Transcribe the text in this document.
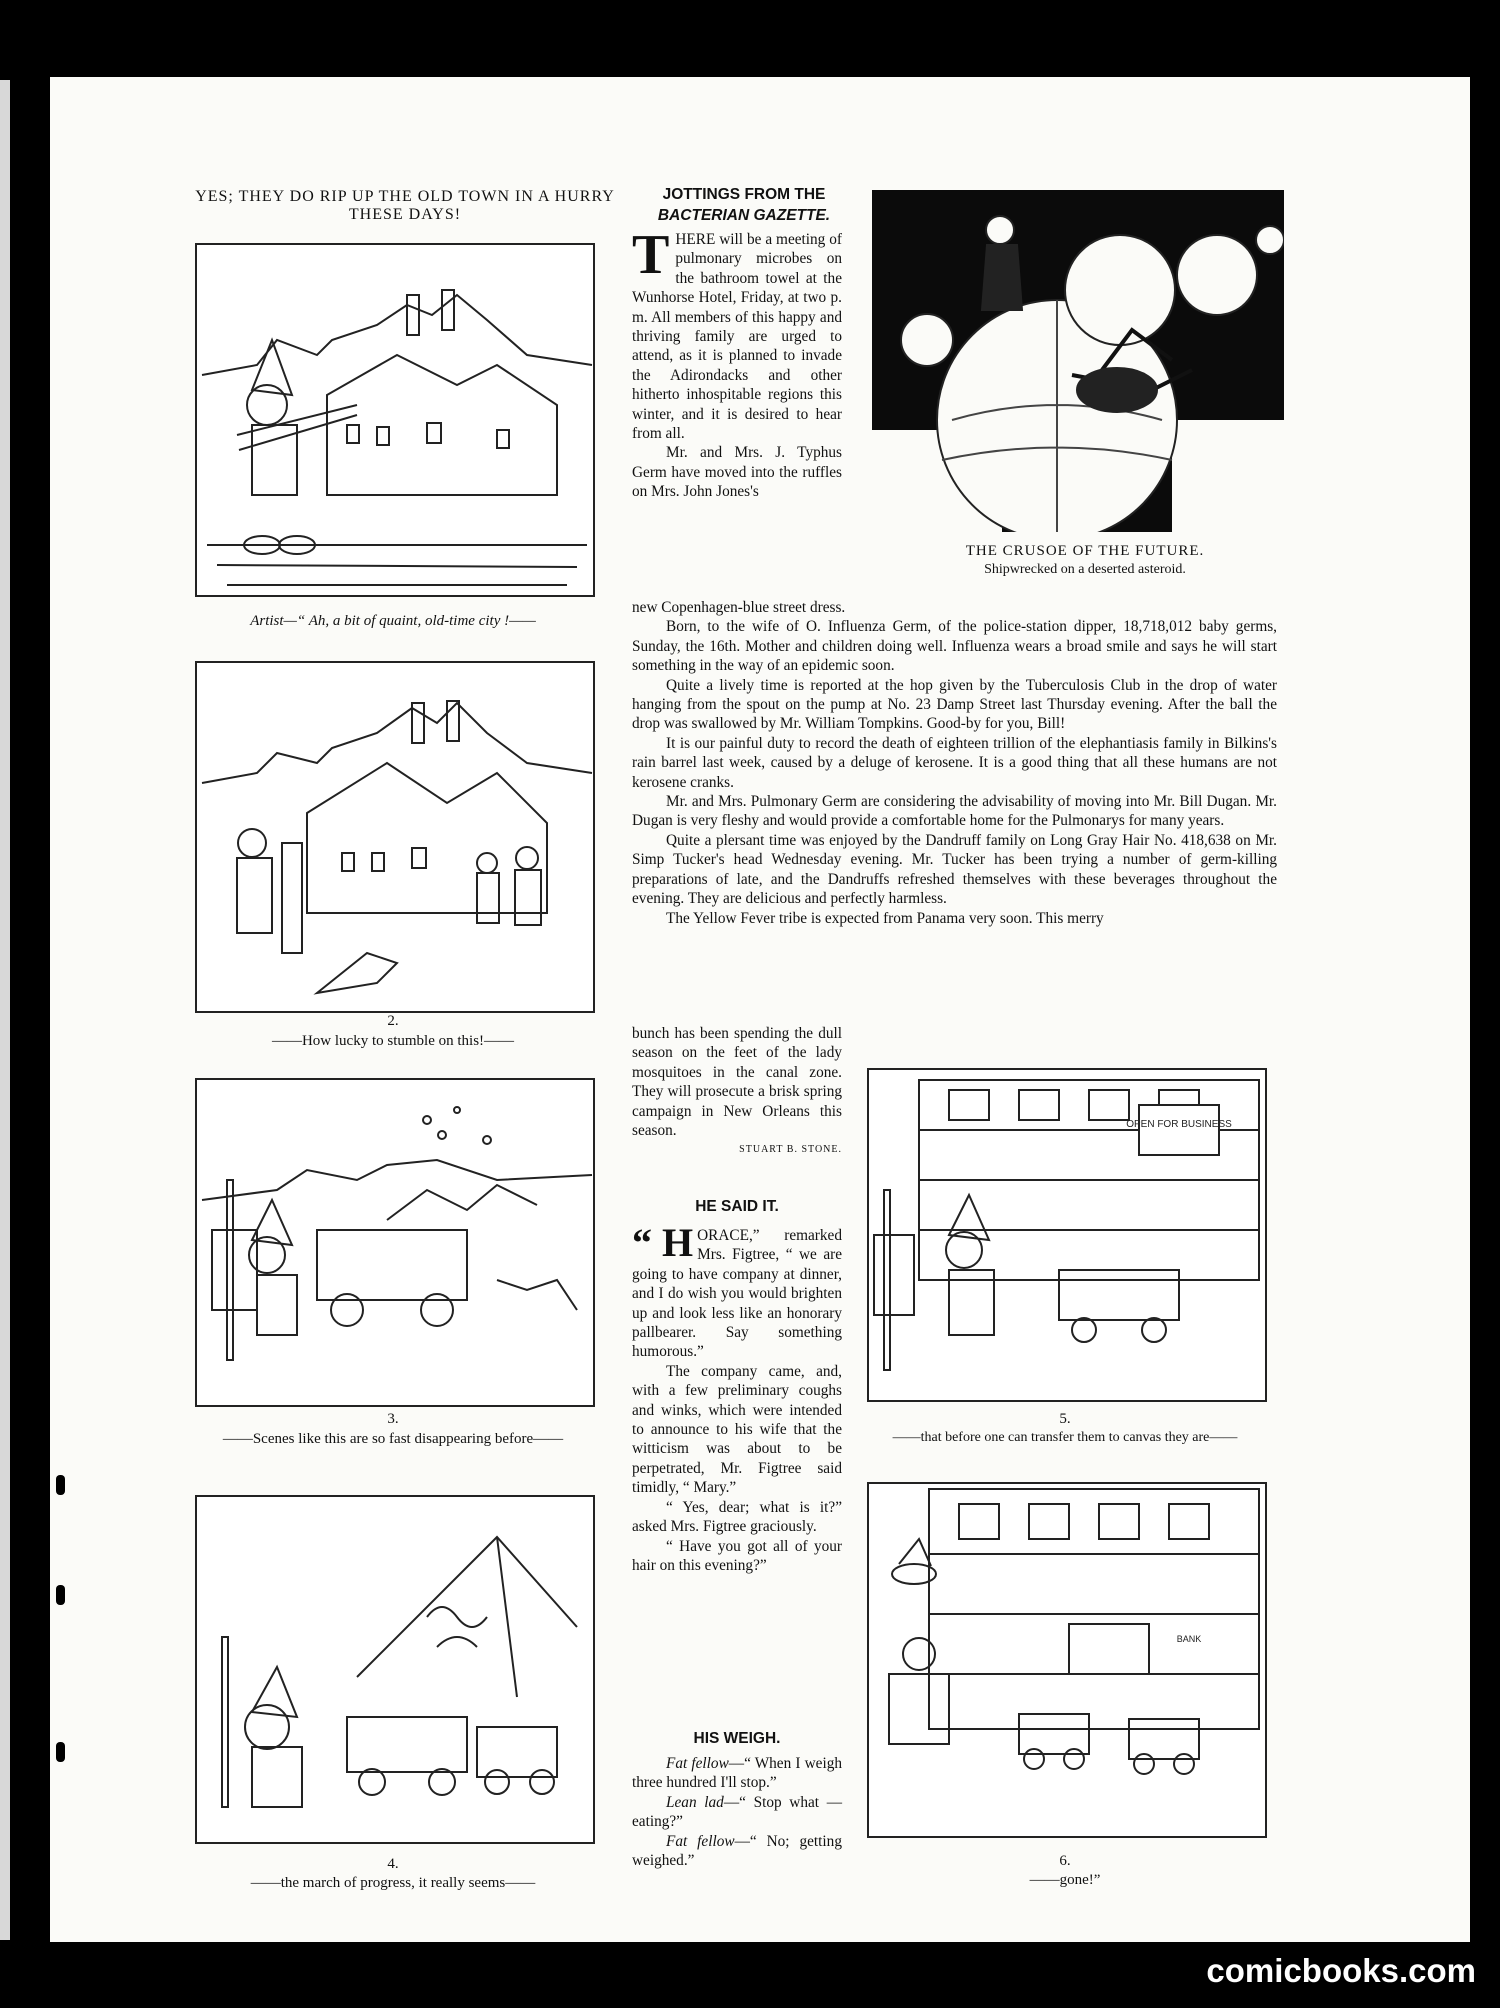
YES; THEY DO RIP UP THE OLD TOWN IN A HURRY THESE DAYS!
Artist—“ Ah, a bit of quaint, old-time city !——
2.
——How lucky to stumble on this!——
3.
——Scenes like this are so fast disappearing before——
4.
——the march of progress, it really seems——
THE CRUSOE OF THE FUTURE.
Shipwrecked on a deserted asteroid.
JOTTINGS FROM THE
BACTERIAN GAZETTE.

THERE will be a meeting of pulmonary microbes on the bathroom towel at the Wunhorse Hotel, Friday, at two p. m. All members of this happy and thriving family are urged to attend, as it is planned to invade the Adirondacks and other hitherto inhospitable regions this winter, and it is desired to hear from all.

Mr. and Mrs. J. Typhus Germ have moved into the ruffles on Mrs. John Jones's

new Copenhagen-blue street dress.

Born, to the wife of O. Influenza Germ, of the police-station dipper, 18,718,012 baby germs, Sunday, the 16th. Mother and children doing well. Influenza wears a broad smile and says he will start something in the way of an epidemic soon.

Quite a lively time is reported at the hop given by the Tuberculosis Club in the drop of water hanging from the spout on the pump at No. 23 Damp Street last Thursday evening. After the ball the drop was swallowed by Mr. William Tompkins. Good-by for you, Bill!

It is our painful duty to record the death of eighteen trillion of the elephantiasis family in Bilkins's rain barrel last week, caused by a deluge of kerosene. It is a good thing that all these humans are not kerosene cranks.

Mr. and Mrs. Pulmonary Germ are considering the advisability of moving into Mr. Bill Dugan. Mr. Dugan is very fleshy and would provide a comfortable home for the Pulmonarys for many years.

Quite a plersant time was enjoyed by the Dandruff family on Long Gray Hair No. 418,638 on Mr. Simp Tucker's head Wednesday evening. Mr. Tucker has been trying a number of germ-killing preparations of late, and the Dandruffs refreshed themselves with these beverages throughout the evening. They are delicious and perfectly harmless.

The Yellow Fever tribe is expected from Panama very soon. This merry

bunch has been spending the dull season on the feet of the lady mosquitoes in the canal zone. They will prosecute a brisk spring campaign in New Orleans this season.

STUART B. STONE.
HE SAID IT.

“ H ORACE,” remarked Mrs. Figtree, “ we are going to have company at dinner, and I do wish you would brighten up and look less like an honorary pallbearer. Say something humorous.”

The company came, and, with a few preliminary coughs and winks, which were intended to announce to his wife that the witticism was about to be perpetrated, Mr. Figtree said timidly, “ Mary.”

“ Yes, dear; what is it?” asked Mrs. Figtree graciously.

“ Have you got all of your hair on this evening?”

HIS WEIGH.

Fat fellow—“ When I weigh three hundred I'll stop.”

Lean lad—“ Stop what —eating?”

Fat fellow—“ No; getting weighed.”

OPEN FOR BUSINESS
5.
——that before one can transfer them to canvas they are——
BANK
6.
——gone!”
comicbooks.com
